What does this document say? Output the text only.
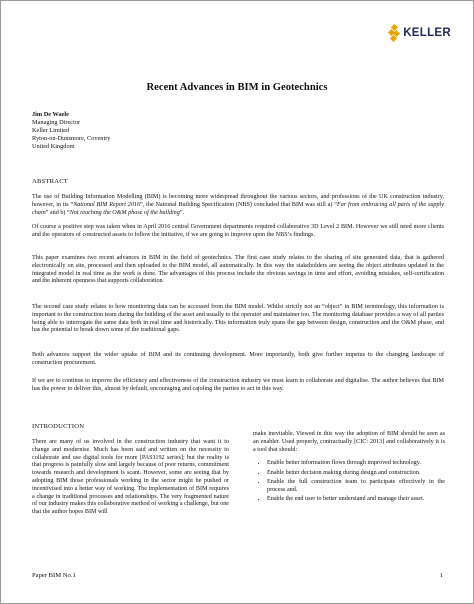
KELLER
Recent Advances in BIM in Geotechnics
Jim De Waele
Managing Director
Keller Limited
Ryton-on-Dunsmore, Coventry
United Kingdom
ABSTRACT

The use of Building Information Modelling (BIM) is becoming more widespread throughout the various sectors, and professions of the UK construction industry, however, in its “National BIM Report 2016”, the National Building Specification (NBS) concluded that BIM was still a) “Far from embracing all parts of the supply chain” and b) “Not reaching the O&M phase of the building”.

Of course a positive step was taken when in April 2016 central Government departments required collaborative 3D Level 2 BIM. However we still need more clients and the operators of constructed assets to follow the initiative, if we are going to improve upon the NBS’s findings.

This paper examines two recent advances in BIM in the field of geotechnics. The first case study relates to the sharing of site generated data, that is gathered electronically on site, processed and then uploaded to the BIM model, all automatically. In this way the stakeholders are seeing the object attributes updated in the integrated model in real time as the work is done. The advantages of this process include the obvious savings in time and effort, avoiding mistakes, self-certification and the inherent openness that supports collaboration.

The second case study relates to how monitoring data can be accessed from the BIM model. Whilst strictly not an “object” in BIM terminology, this information is important to the construction team during the building of the asset and usually to the operator and maintainer too. The monitoring database provides a way of all parties being able to interrogate the same data both in real time and historically. This information truly spans the gap between design, construction and the O&M phase, and has the potential to break down some of the traditional gaps.

Both advances support the wider uptake of BIM and its continuing development. More importantly, both give further impetus to the changing landscape of construction procurement.

If we are to continue to improve the efficiency and effectiveness of the construction industry we must learn to collaborate and digitalise. The author believes that BIM has the power to deliver this, almost by default, encouraging and cajoling the parties to act in this way.

INTRODUCTION

There are many of us involved in the construction industry that want it to change and modernise. Much has been said and written on the necessity to collaborate and use digital tools for more [PAS1192 series]; but the reality is that progress is painfully slow and largely because of poor returns, commitment towards research and development is scant. However, some are seeing that by adopting BIM those professionals working in the sector might be pushed or incentivised into a better way of working. The implementation of BIM requires a change in traditional processes and relationships. The very fragmented nature of our industry makes this collaborative method of working a challenge, but one that the author hopes BIM will

make inevitable. Viewed in this way the adoption of BIM should be seen as an enabler. Used properly, contractually [CIC: 2013] and collaboratively it is a tool that should:

• Enable better information flows through improved technology.
• Enable better decision making during design and construction.
• Enable the full construction team to participate effectively in the process and.
• Enable the end user to better understand and manage their asset.
Paper BIM No.1	1
